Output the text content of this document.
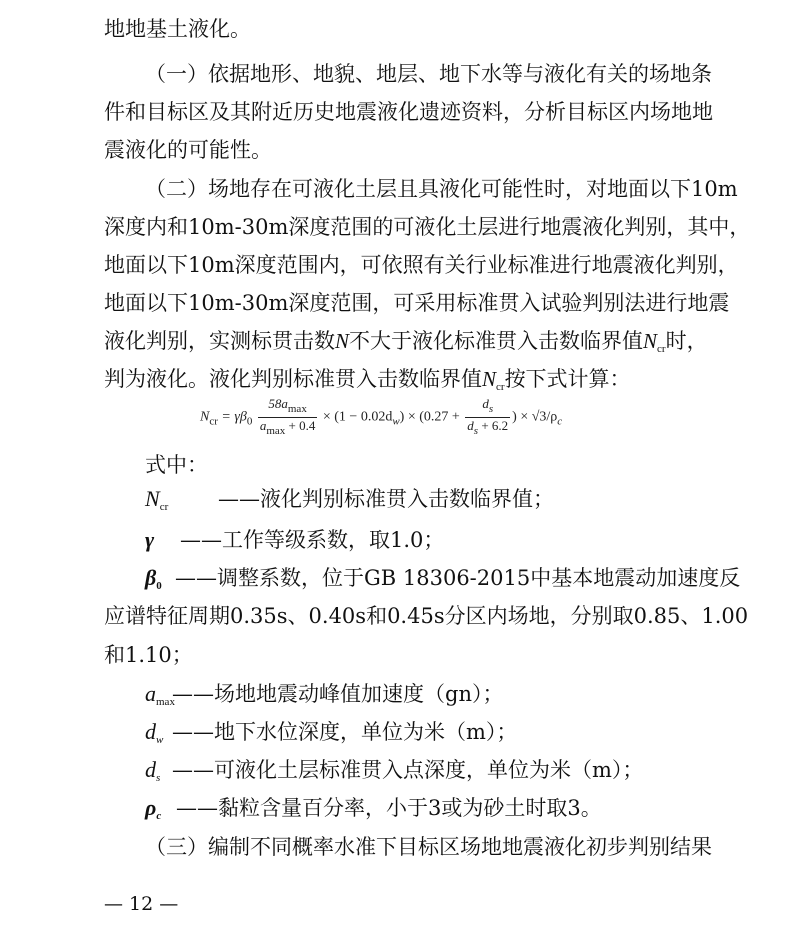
地地基土液化。
（一）依据地形、地貌、地层、地下水等与液化有关的场地条
件和目标区及其附近历史地震液化遗迹资料，分析目标区内场地地
震液化的可能性。
（二）场地存在可液化土层且具液化可能性时，对地面以下10m
深度内和10m-30m深度范围的可液化土层进行地震液化判别，其中，
地面以下10m深度范围内，可依照有关行业标准进行地震液化判别，
地面以下10m-30m深度范围，可采用标准贯入试验判别法进行地震
液化判别，实测标贯击数N不大于液化标准贯入击数临界值$N_{cr}$时，
判为液化。液化判别标准贯入击数临界值$N_{cr}$按下式计算：
$N_{cr} = \gamma\beta_0 \frac{58a_{max}}{a_{max} + 0.4} \times (1 - 0.02d_w) \times (0.27 + \frac{d_s}{d_s + 6.2}$ ) × $√3/\rho_c$
式中：
$N_{cr}$	——液化判别标准贯入击数临界值；
γ	——工作等级系数，取1.0；
$\beta_0$ ——调整系数，位于GB 18306-2015中基本地震动加速度反
应谱特征周期0.35s、0.40s和0.45s分区内场地，分别取0.85、1.00
和1.10；
$a_{max}$
——场地地震动峰值加速度（gn）；
$d_w$ ——地下水位深度，单位为米（m）；
$d_s$ ——可液化土层标准贯入点深度，单位为米（m）；
$\rho_c$ ——黏粒含量百分率，小于3或为砂土时取3。
（三）编制不同概率水准下目标区场地地震液化初步判别结果
— 12 —
